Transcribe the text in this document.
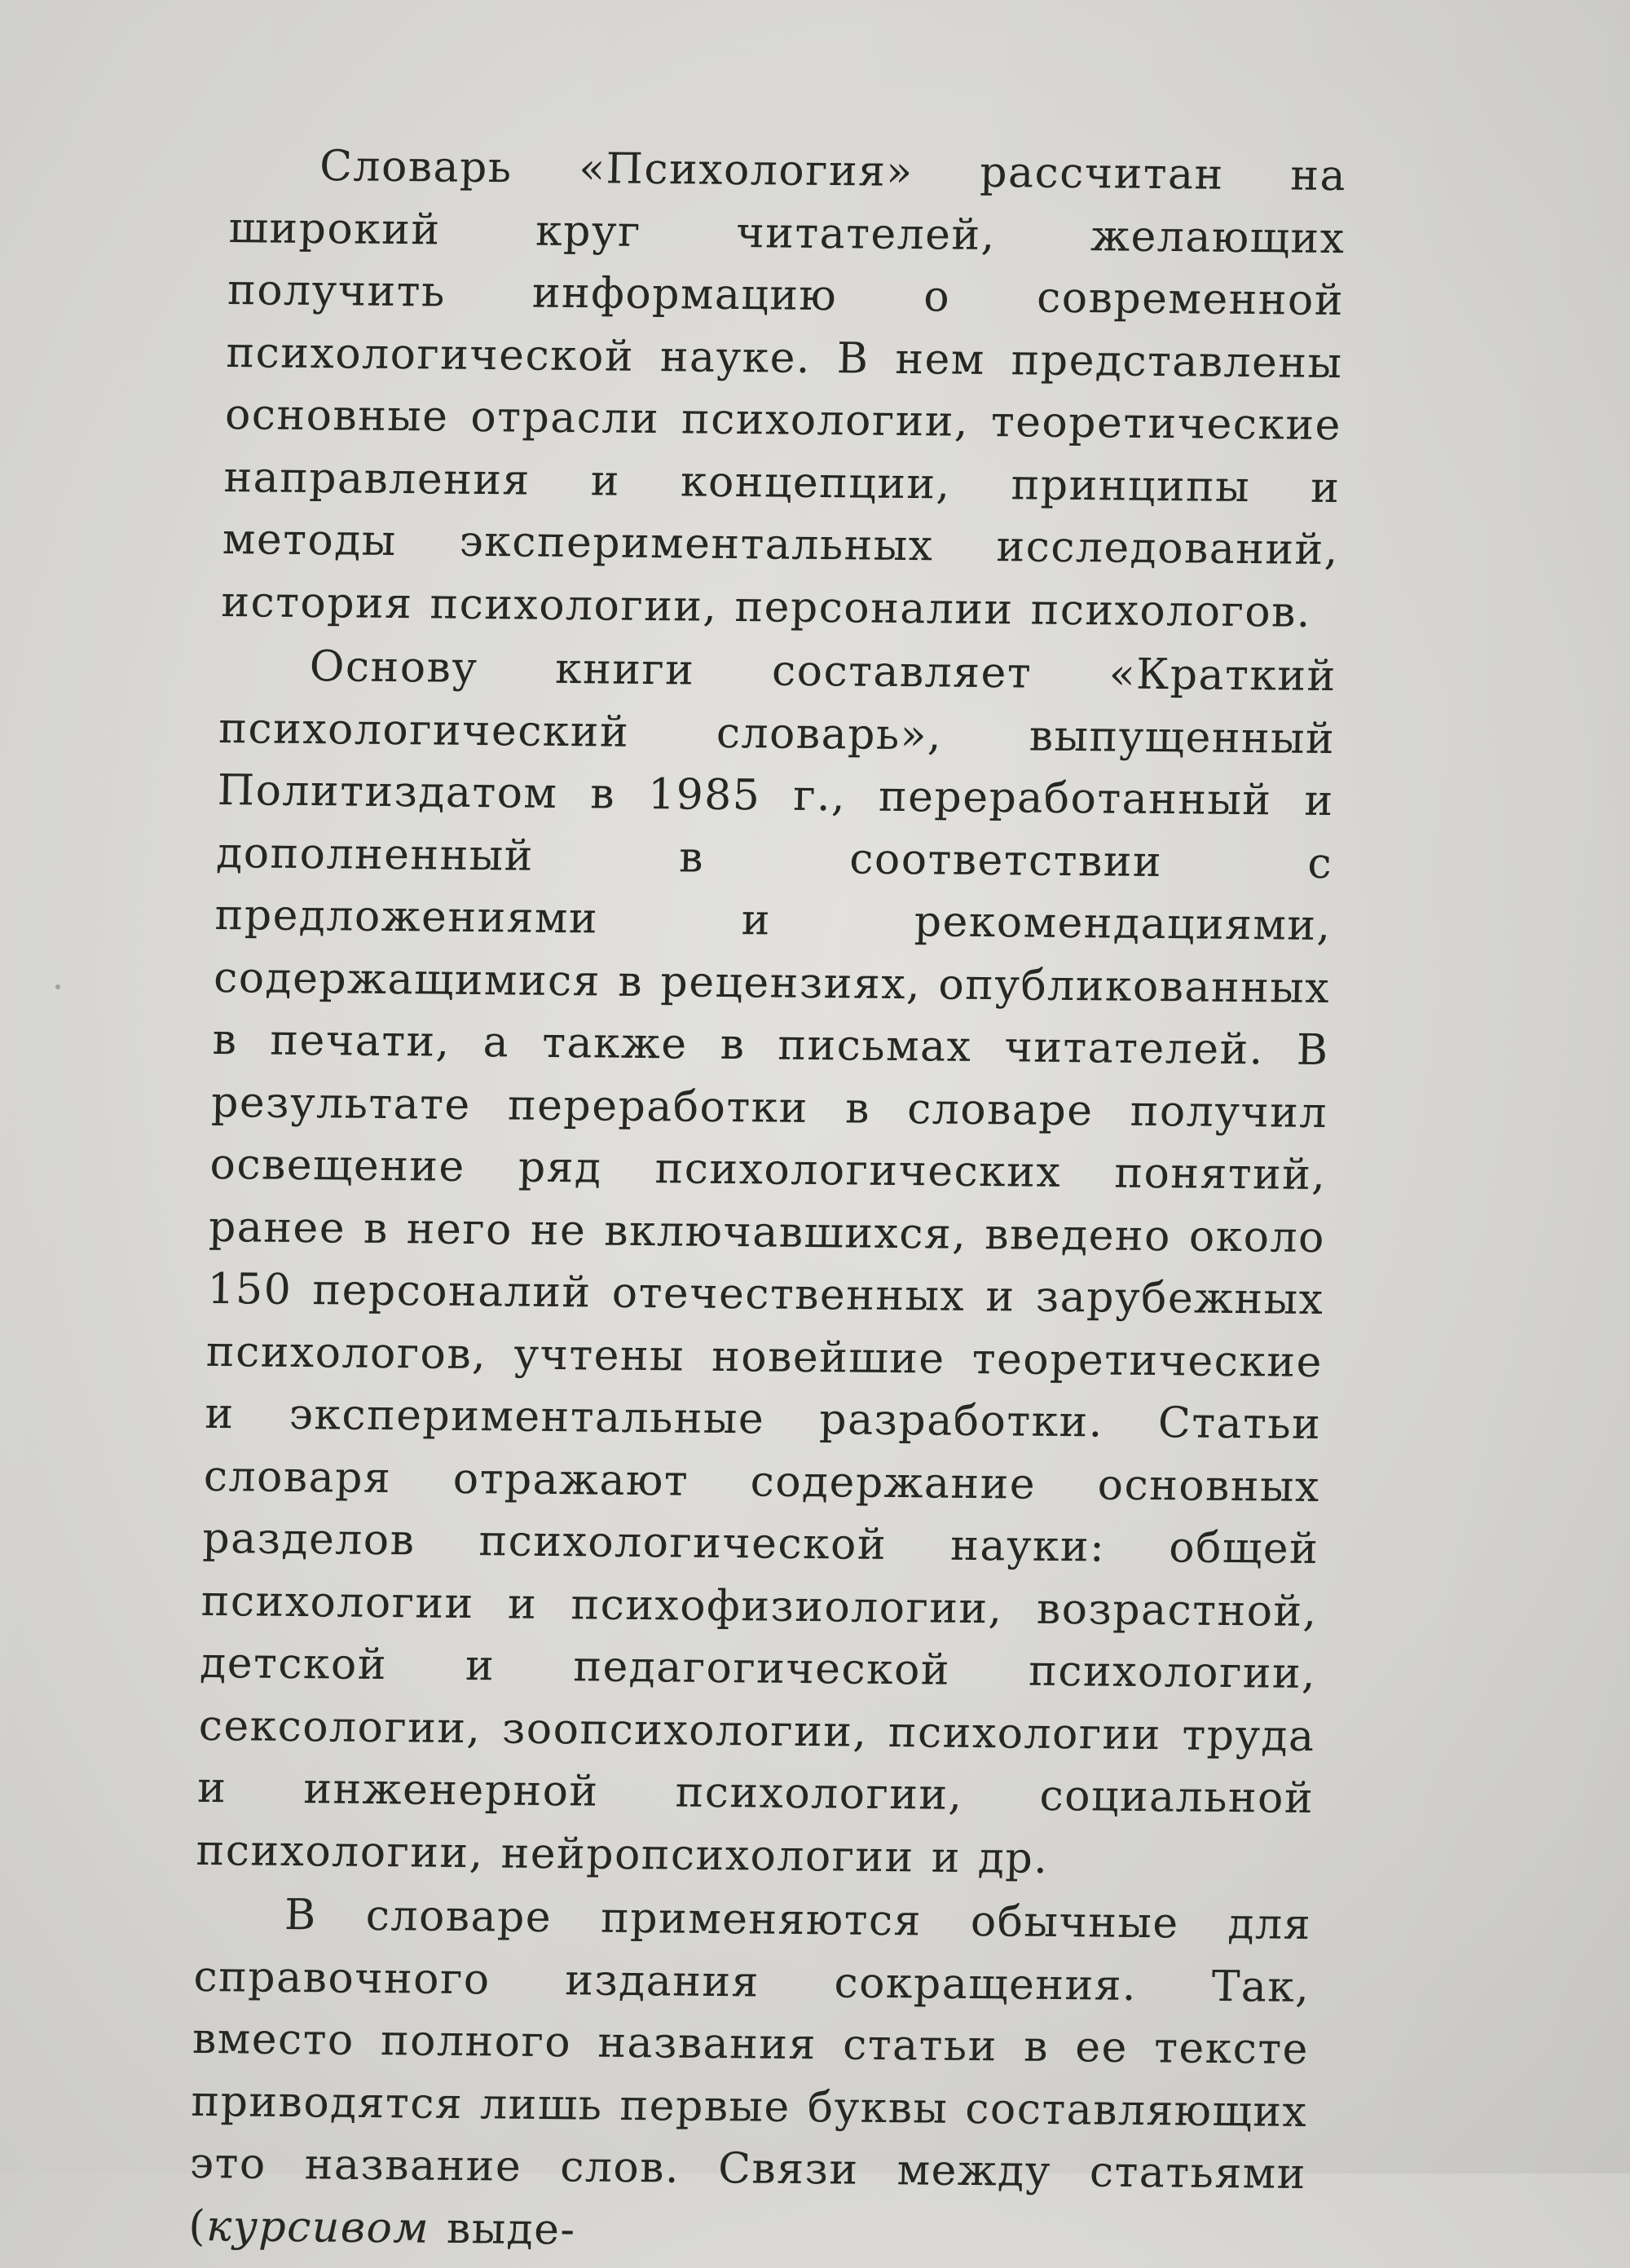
Словарь «Психология» рассчитан на широкий круг читателей, желающих получить информацию о современной психологической науке. В нем представлены основные отрасли психологии, теоретические направления и концепции, принципы и методы экспериментальных исследований, история психологии, персоналии психологов.

Основу книги составляет «Краткий психологический словарь», выпущенный Политиздатом в 1985 г., переработанный и дополненный в соответствии с предложениями и рекомендациями, содержащимися в рецензиях, опубликованных в печати, а также в письмах читателей. В результате переработки в словаре получил освещение ряд психологических понятий, ранее в него не включавшихся, введено около 150 персоналий отечественных и зарубежных психологов, учтены новейшие теоретические и экспериментальные разработки. Статьи словаря отражают содержание основных разделов психологической науки: общей психологии и психофизиологии, возрастной, детской и педагогической психологии, сексологии, зоопсихологии, психологии труда и инженерной психологии, социальной психологии, нейропсихологии и др.

В словаре применяются обычные для справочного издания сокращения. Так, вместо полного названия статьи в ее тексте приводятся лишь первые буквы составляющих это название слов. Связи между статьями (курсивом выде-
